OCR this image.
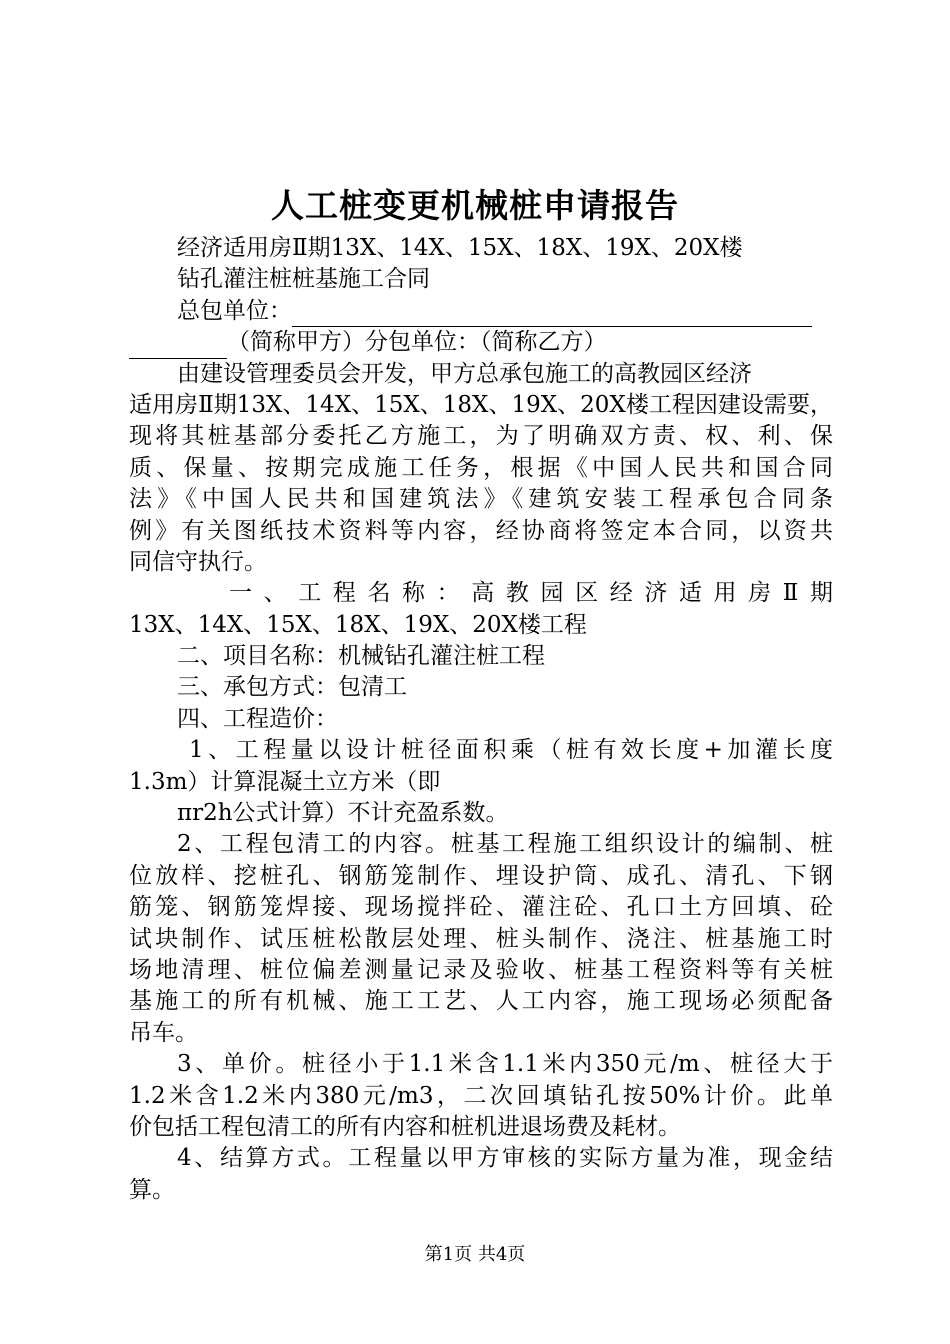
人工桩变更机械桩申请报告
经济适用房Ⅱ期13X、14X、15X、18X、19X、20X楼
钻孔灌注桩桩基施工合同
总包单位：
（简称甲方）分包单位：（简称乙方）
由建设管理委员会开发，甲方总承包施工的高教园区经济
适用房Ⅱ期13X、14X、15X、18X、19X、20X楼工程因建设需要，
现将其桩基部分委托乙方施工，为了明确双方责、权、利、保
质、保量、按期完成施工任务，根据《中国人民共和国合同
法》《中国人民共和国建筑法》《建筑安装工程承包合同条
例》有关图纸技术资料等内容，经协商将签定本合同，以资共
同信守执行。
一、工程名称：高教园区经济适用房Ⅱ期
13X、14X、15X、18X、19X、20X楼工程
二、项目名称：机械钻孔灌注桩工程
三、承包方式：包清工
四、工程造价：
1、工程量以设计桩径面积乘（桩有效长度+加灌长度
1.3m）计算混凝土立方米（即
πr2h公式计算）不计充盈系数。
2、工程包清工的内容。桩基工程施工组织设计的编制、桩
位放样、挖桩孔、钢筋笼制作、埋设护筒、成孔、清孔、下钢
筋笼、钢筋笼焊接、现场搅拌砼、灌注砼、孔口土方回填、砼
试块制作、试压桩松散层处理、桩头制作、浇注、桩基施工时
场地清理、桩位偏差测量记录及验收、桩基工程资料等有关桩
基施工的所有机械、施工工艺、人工内容，施工现场必须配备
吊车。
3、单价。桩径小于1.1米含1.1米内350元/m、桩径大于
1.2米含1.2米内380元/m3，二次回填钻孔按50%计价。此单
价包括工程包清工的所有内容和桩机进退场费及耗材。
4、结算方式。工程量以甲方审核的实际方量为准，现金结
算。
第1页 共4页
